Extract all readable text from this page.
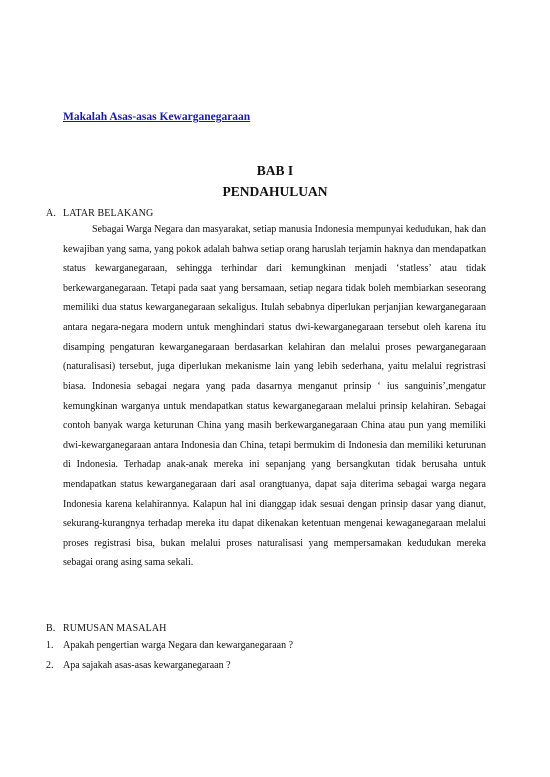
Makalah Asas-asas Kewarganegaraan
BAB I
PENDAHULUAN
A. LATAR BELAKANG

Sebagai Warga Negara dan masyarakat, setiap manusia Indonesia mempunyai kedudukan, hak dan kewajiban yang sama, yang pokok adalah bahwa setiap orang haruslah terjamin haknya dan mendapatkan status kewarganegaraan, sehingga terhindar dari kemungkinan menjadi ‘statless’ atau tidak berkewarganegaraan. Tetapi pada saat yang bersamaan, setiap negara tidak boleh membiarkan seseorang memiliki dua status kewarganegaraan sekaligus. Itulah sebabnya diperlukan perjanjian kewarganegaraan antara negara-negara modern untuk menghindari status dwi-kewarganegaraan tersebut oleh karena itu disamping pengaturan kewarganegaraan berdasarkan kelahiran dan melalui proses pewarganegaraan (naturalisasi) tersebut, juga diperlukan mekanisme lain yang lebih sederhana, yaitu melalui regristrasi biasa. Indonesia sebagai negara yang pada dasarnya menganut prinsip ‘ ius sanguinis’,mengatur kemungkinan warganya untuk mendapatkan status kewarganegaraan melalui prinsip kelahiran. Sebagai contoh banyak warga keturunan China yang masih berkewarganegaraan China atau pun yang memiliki dwi-kewarganegaraan antara Indonesia dan China, tetapi bermukim di Indonesia dan memiliki keturunan di Indonesia. Terhadap anak-anak mereka ini sepanjang yang bersangkutan tidak berusaha untuk mendapatkan status kewarganegaraan dari asal orangtuanya, dapat saja diterima sebagai warga negara Indonesia karena kelahirannya. Kalapun hal ini dianggap idak sesuai dengan prinsip dasar yang dianut, sekurang-kurangnya terhadap mereka itu dapat dikenakan ketentuan mengenai kewaganegaraan melalui proses registrasi bisa, bukan melalui proses naturalisasi yang mempersamakan kedudukan mereka sebagai orang asing sama sekali.

B. RUMUSAN MASALAH
1. Apakah pengertian warga Negara dan kewarganegaraan ?
2. Apa sajakah asas-asas kewarganegaraan ?
